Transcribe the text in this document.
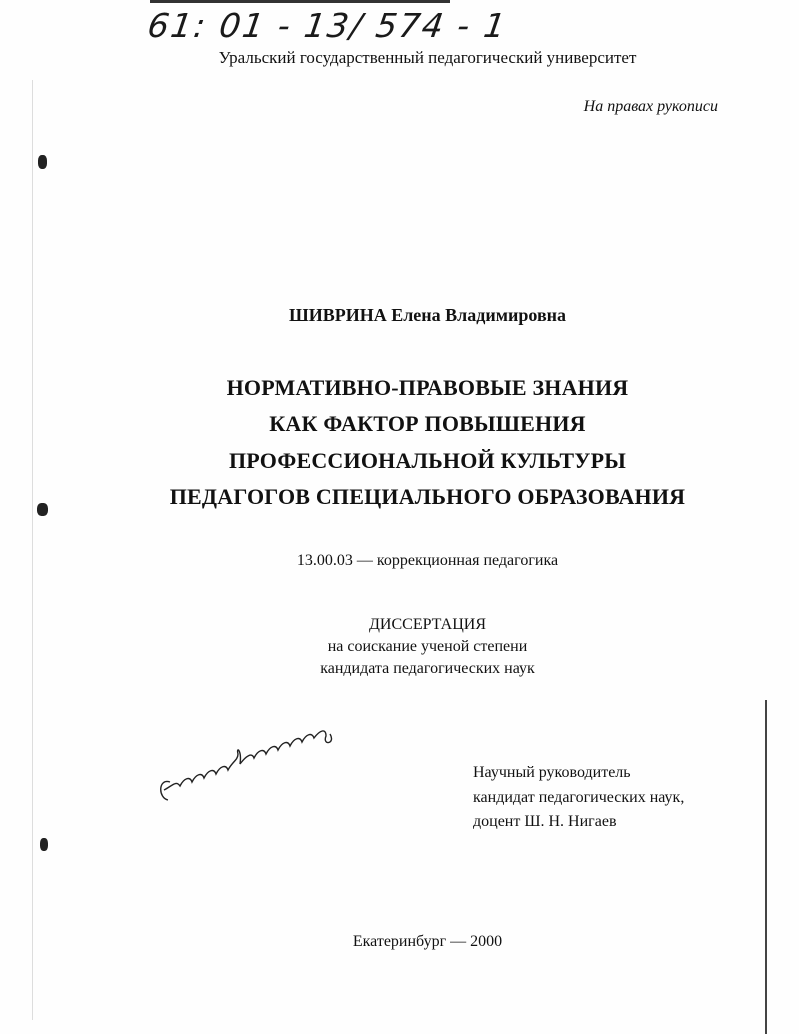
61: 01 - 13/ 574 - 1
Уральский государственный педагогический университет
На правах рукописи
ШИВРИНА Елена Владимировна
НОРМАТИВНО-ПРАВОВЫЕ ЗНАНИЯ
КАК ФАКТОР ПОВЫШЕНИЯ
ПРОФЕССИОНАЛЬНОЙ КУЛЬТУРЫ
ПЕДАГОГОВ СПЕЦИАЛЬНОГО ОБРАЗОВАНИЯ
13.00.03 — коррекционная педагогика
ДИССЕРТАЦИЯ
на соискание ученой степени
кандидата педагогических наук
Научный руководитель
кандидат педагогических наук,
доцент Ш. Н. Нигаев
Екатеринбург — 2000
